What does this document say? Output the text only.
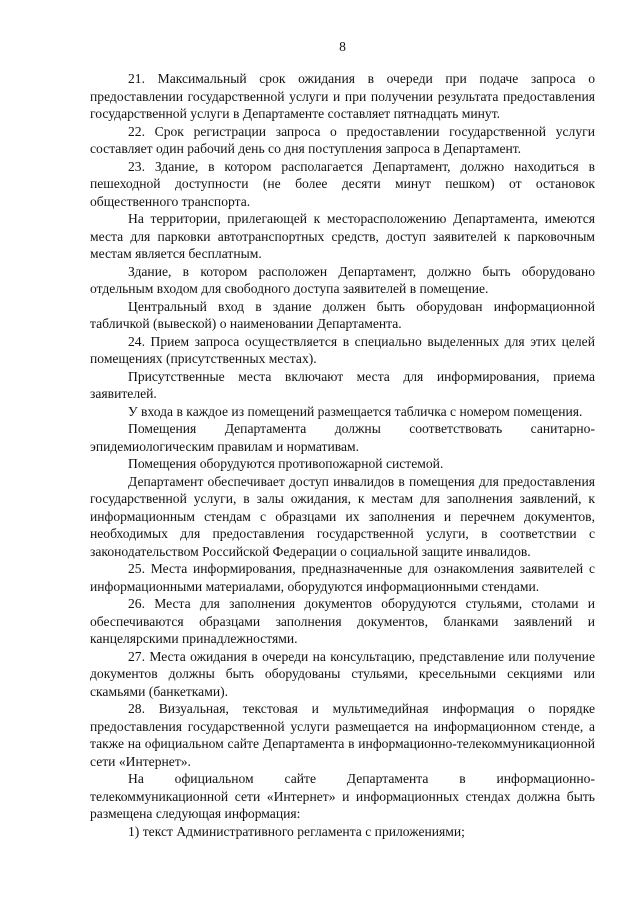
8

21. Максимальный срок ожидания в очереди при подаче запроса о предоставлении государственной услуги и при получении результата предоставления государственной услуги в Департаменте составляет пятнадцать минут.

22. Срок регистрации запроса о предоставлении государственной услуги составляет один рабочий день со дня поступления запроса в Департамент.

23. Здание, в котором располагается Департамент, должно находиться в пешеходной доступности (не более десяти минут пешком) от остановок общественного транспорта.

На территории, прилегающей к месторасположению Департамента, имеются места для парковки автотранспортных средств, доступ заявителей к парковочным местам является бесплатным.

Здание, в котором расположен Департамент, должно быть оборудовано отдельным входом для свободного доступа заявителей в помещение.

Центральный вход в здание должен быть оборудован информационной табличкой (вывеской) о наименовании Департамента.

24. Прием запроса осуществляется в специально выделенных для этих целей помещениях (присутственных местах).

Присутственные места включают места для информирования, приема заявителей.

У входа в каждое из помещений размещается табличка с номером помещения.

Помещения Департамента должны соответствовать санитарно-эпидемиологическим правилам и нормативам.

Помещения оборудуются противопожарной системой.

Департамент обеспечивает доступ инвалидов в помещения для предоставления государственной услуги, в залы ожидания, к местам для заполнения заявлений, к информационным стендам с образцами их заполнения и перечнем документов, необходимых для предоставления государственной услуги, в соответствии с законодательством Российской Федерации о социальной защите инвалидов.

25. Места информирования, предназначенные для ознакомления заявителей с информационными материалами, оборудуются информационными стендами.

26. Места для заполнения документов оборудуются стульями, столами и обеспечиваются образцами заполнения документов, бланками заявлений и канцелярскими принадлежностями.

27. Места ожидания в очереди на консультацию, представление или получение документов должны быть оборудованы стульями, кресельными секциями или скамьями (банкетками).

28. Визуальная, текстовая и мультимедийная информация о порядке предоставления государственной услуги размещается на информационном стенде, а также на официальном сайте Департамента в информационно-телекоммуникационной сети «Интернет».

На официальном сайте Департамента в информационно-телекоммуникационной сети «Интернет» и информационных стендах должна быть размещена следующая информация:

1) текст Административного регламента с приложениями;
